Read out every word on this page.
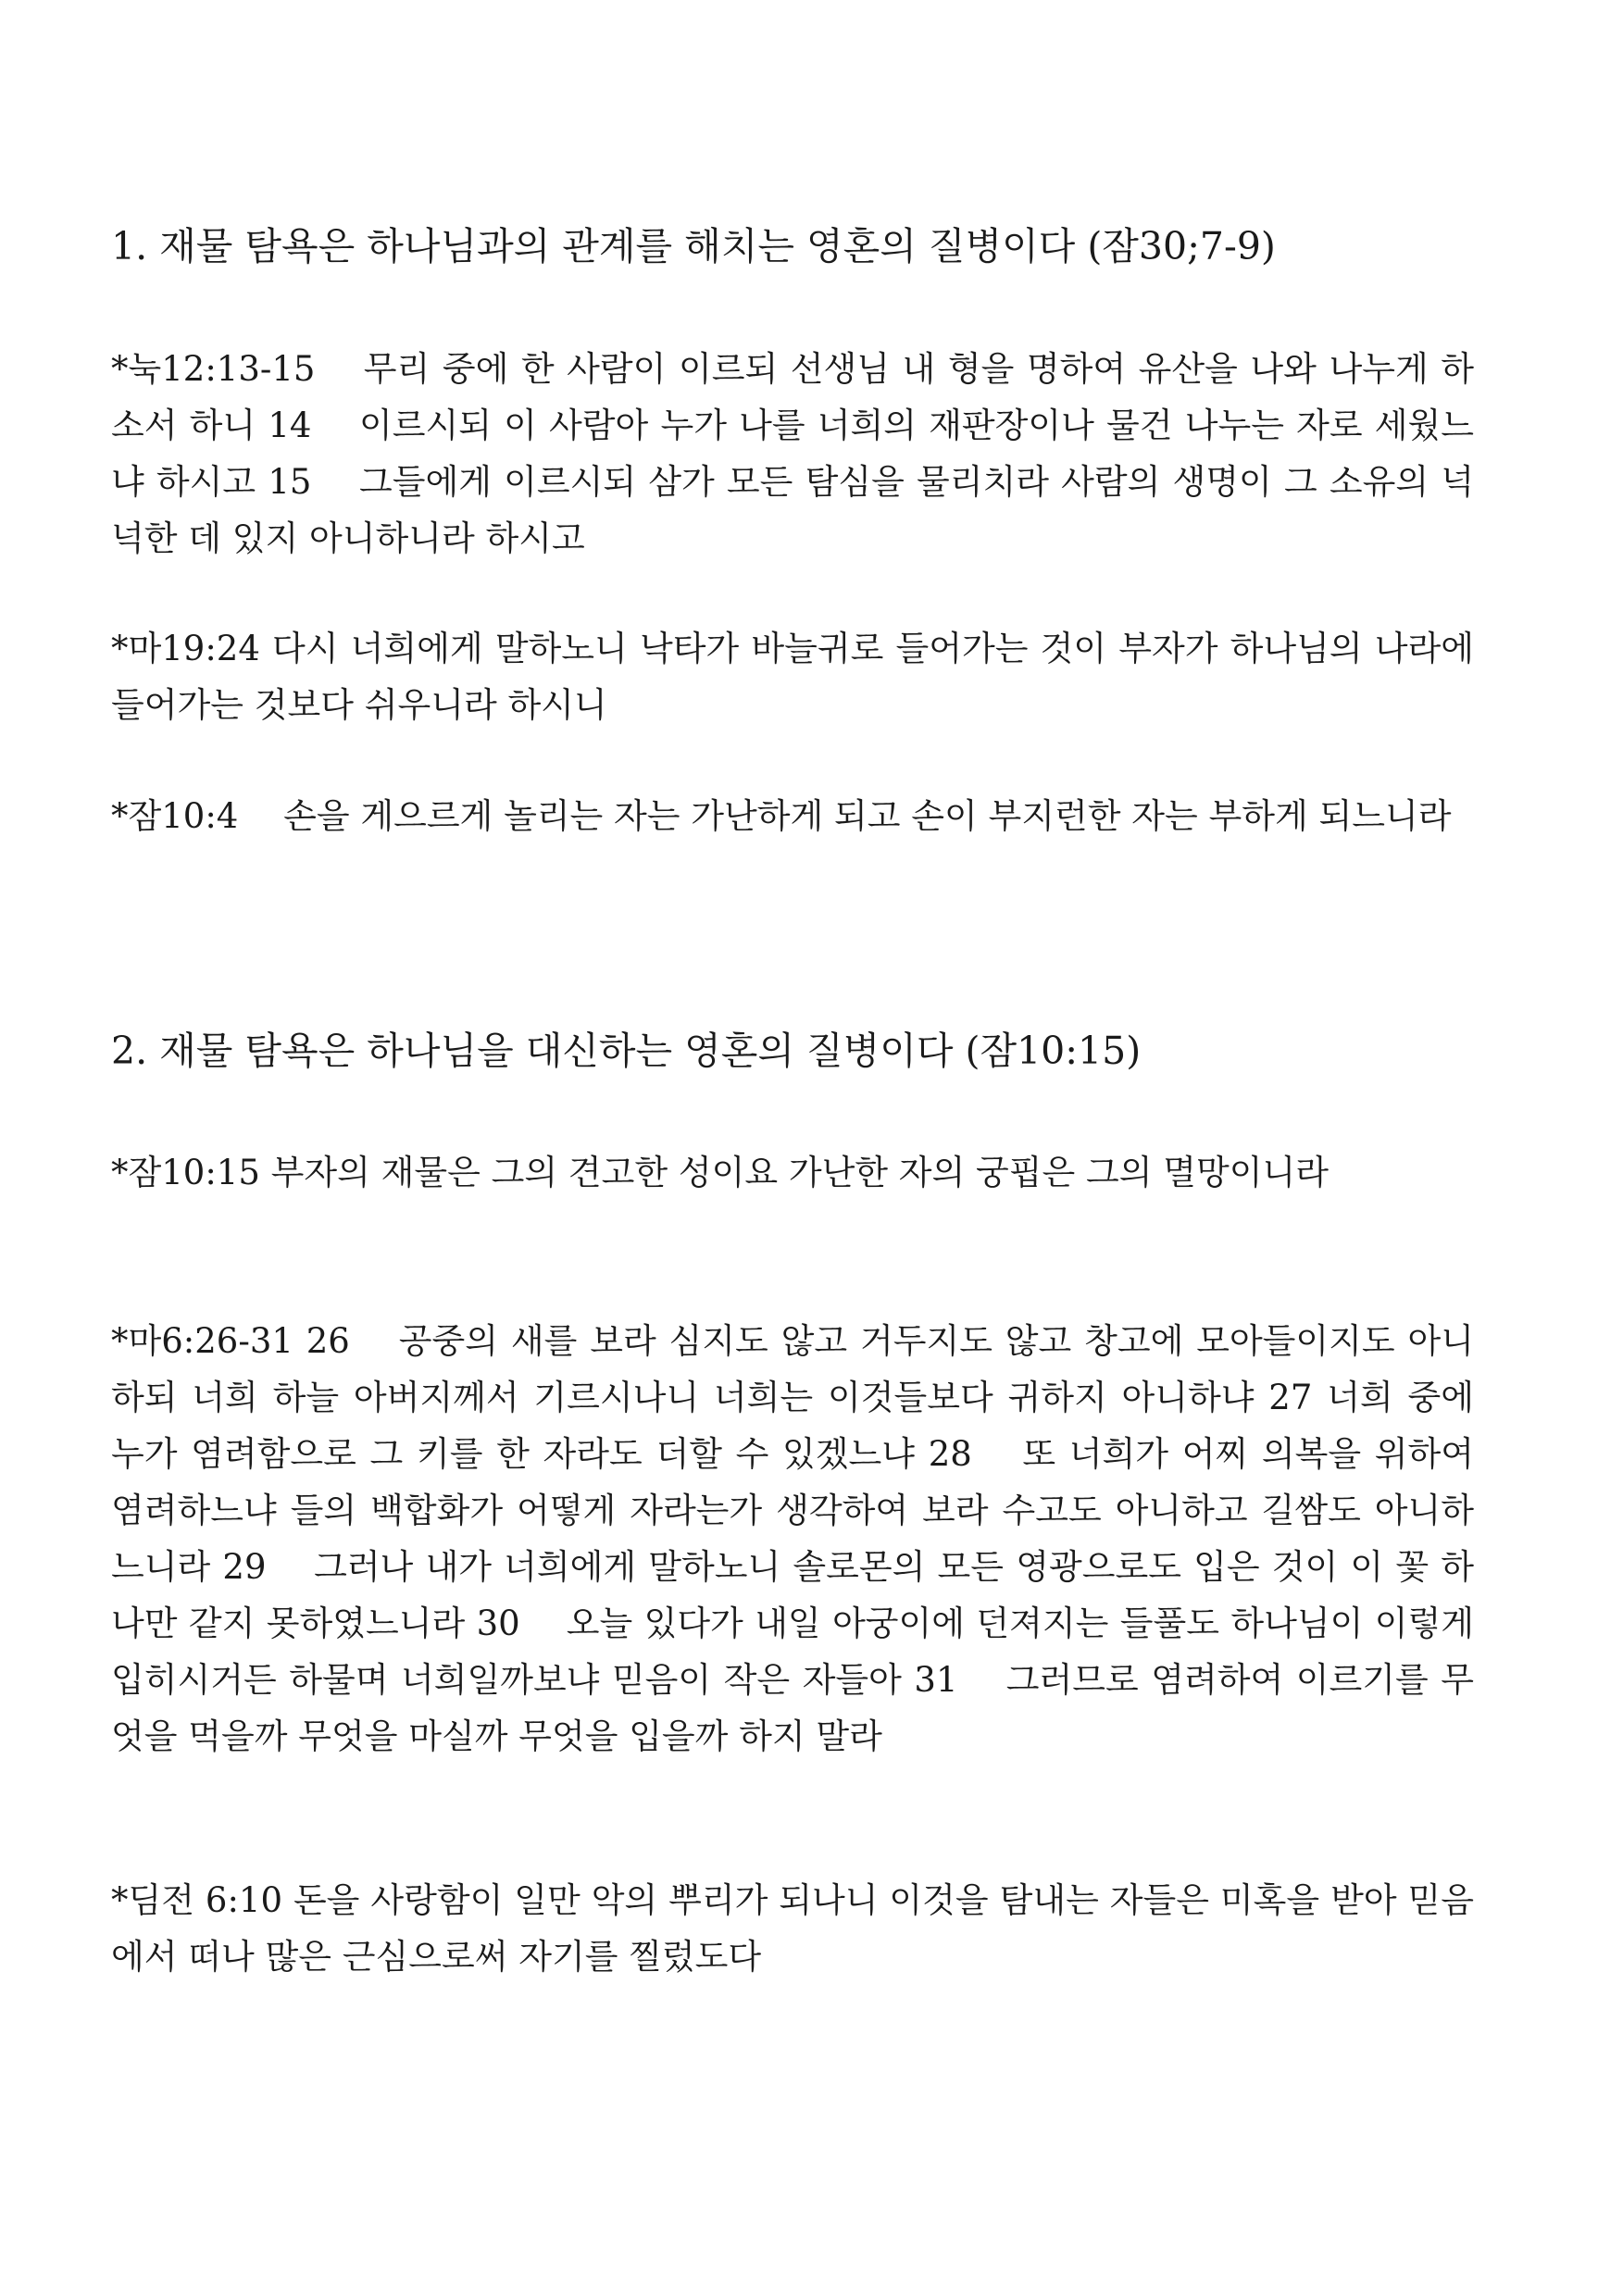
1. 재물 탐욕은 하나님과의 관계를 해치는 영혼의 질병이다 (잠30;7-9)

*눅12:13-15 　무리 중에 한 사람이 이르되 선생님 내 형을 명하여 유산을 나와 나누게 하소서 하니 14 　이르시되 이 사람아 누가 나를 너희의 재판장이나 물건 나누는 자로 세웠느냐 하시고 15 　그들에게 이르시되 삼가 모든 탐심을 물리치라 사람의 생명이 그 소유의 넉넉한 데 있지 아니하니라 하시고

*마19:24 다시 너희에게 말하노니 낙타가 바늘귀로 들어가는 것이 부자가 하나님의 나라에 들어가는 것보다 쉬우니라 하시니

*잠10:4 　손을 게으르게 놀리는 자는 가난하게 되고 손이 부지런한 자는 부하게 되느니라

2. 재물 탐욕은 하나님을 대신하는 영혼의 질병이다 (잠10:15)

*잠10:15 부자의 재물은 그의 견고한 성이요 가난한 자의 궁핍은 그의 멸망이니라

*마6:26-31 26 　공중의 새를 보라 심지도 않고 거두지도 않고 창고에 모아들이지도 아니하되 너희 하늘 아버지께서 기르시나니 너희는 이것들보다 귀하지 아니하냐 27 너희 중에 누가 염려함으로 그 키를 한 자라도 더할 수 있겠느냐 28 　또 너희가 어찌 의복을 위하여 염려하느냐 들의 백합화가 어떻게 자라는가 생각하여 보라 수고도 아니하고 길쌈도 아니하느니라 29 　그러나 내가 너희에게 말하노니 솔로몬의 모든 영광으로도 입은 것이 이 꽃 하나만 같지 못하였느니라 30 　오늘 있다가 내일 아궁이에 던져지는 들풀도 하나님이 이렇게 입히시거든 하물며 너희일까보냐 믿음이 작은 자들아 31 　그러므로 염려하여 이르기를 무엇을 먹을까 무엇을 마실까 무엇을 입을까 하지 말라

*딤전 6:10 돈을 사랑함이 일만 악의 뿌리가 되나니 이것을 탐내는 자들은 미혹을 받아 믿음에서 떠나 많은 근심으로써 자기를 찔렀도다
